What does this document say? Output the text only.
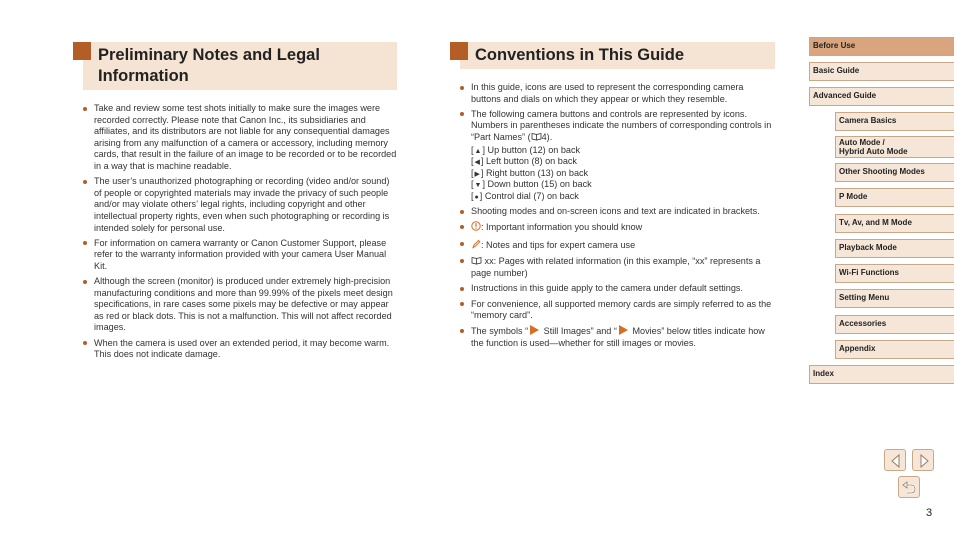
Preliminary Notes and Legal
Information
Take and review some test shots initially to make sure the images were recorded correctly. Please note that Canon Inc., its subsidiaries and affiliates, and its distributors are not liable for any consequential damages arising from any malfunction of a camera or accessory, including memory cards, that result in the failure of an image to be recorded or to be recorded in a way that is machine readable.
The user’s unauthorized photographing or recording (video and/or sound) of people or copyrighted materials may invade the privacy of such people and/or may violate others’ legal rights, including copyright and other intellectual property rights, even when such photographing or recording is intended solely for personal use.
For information on camera warranty or Canon Customer Support, please refer to the warranty information provided with your camera User Manual Kit.
Although the screen (monitor) is produced under extremely high-precision manufacturing conditions and more than 99.99% of the pixels meet design specifications, in rare cases some pixels may be defective or may appear as red or black dots. This is not a malfunction. This will not affect recorded images.
When the camera is used over an extended period, it may become warm. This does not indicate damage.
Conventions in This Guide
In this guide, icons are used to represent the corresponding camera buttons and dials on which they appear or which they resemble.
The following camera buttons and controls are represented by icons. Numbers in parentheses indicate the numbers of corresponding controls in “Part Names” ( 4).
[▲] Up button (12) on back
[◀] Left button (8) on back
[▶] Right button (13) on back
[▼] Down button (15) on back
[●] Control dial (7) on back
Shooting modes and on-screen icons and text are indicated in brackets.
: Important information you should know
: Notes and tips for expert camera use
xx: Pages with related information (in this example, “xx” represents a page number)
Instructions in this guide apply to the camera under default settings.
For convenience, all supported memory cards are simply referred to as the “memory card”.
The symbols “ Still Images” and “ Movies” below titles indicate how the function is used—whether for still images or movies.
Before Use
Basic Guide
Advanced Guide
Camera Basics
Auto Mode /
Hybrid Auto Mode
Other Shooting Modes
P Mode
Tv, Av, and M Mode
Playback Mode
Wi-Fi Functions
Setting Menu
Accessories
Appendix
Index
3
